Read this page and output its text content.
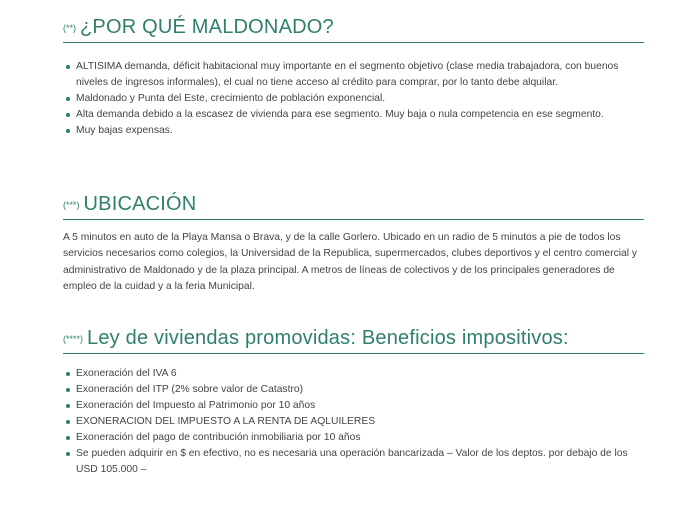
(**) ¿POR QUÉ MALDONADO?
ALTISIMA demanda, déficit habitacional muy importante en el segmento objetivo (clase media trabajadora, con buenos niveles de ingresos informales), el cual no tiene acceso al crédito para comprar, por lo tanto debe alquilar.
Maldonado y Punta del Este, crecimiento de población exponencial.
Alta demanda debido a la escasez de vivienda para ese segmento. Muy baja o nula competencia en ese segmento.
Muy bajas expensas.
(***) UBICACIÓN

A 5 minutos en auto de la Playa Mansa o Brava, y de la calle Gorlero. Ubicado en un radio de 5 minutos a pie de todos los servicios necesarios como colegios, la Universidad de la Republica, supermercados, clubes deportivos y el centro comercial y administrativo de Maldonado y de la plaza principal. A metros de líneas de colectivos y de los principales generadores de empleo de la cuidad y a la feria Municipal.

(****) Ley de viviendas promovidas: Beneficios impositivos:
Exoneración del IVA 6
Exoneración del ITP (2% sobre valor de Catastro)
Exoneración del Impuesto al Patrimonio por 10 años
EXONERACION DEL IMPUESTO A LA RENTA DE AQLUILERES
Exoneración del pago de contribución inmobiliaria por 10 años
Se pueden adquirir en $ en efectivo, no es necesaria una operación bancarizada – Valor de los deptos. por debajo de los USD 105.000 –
